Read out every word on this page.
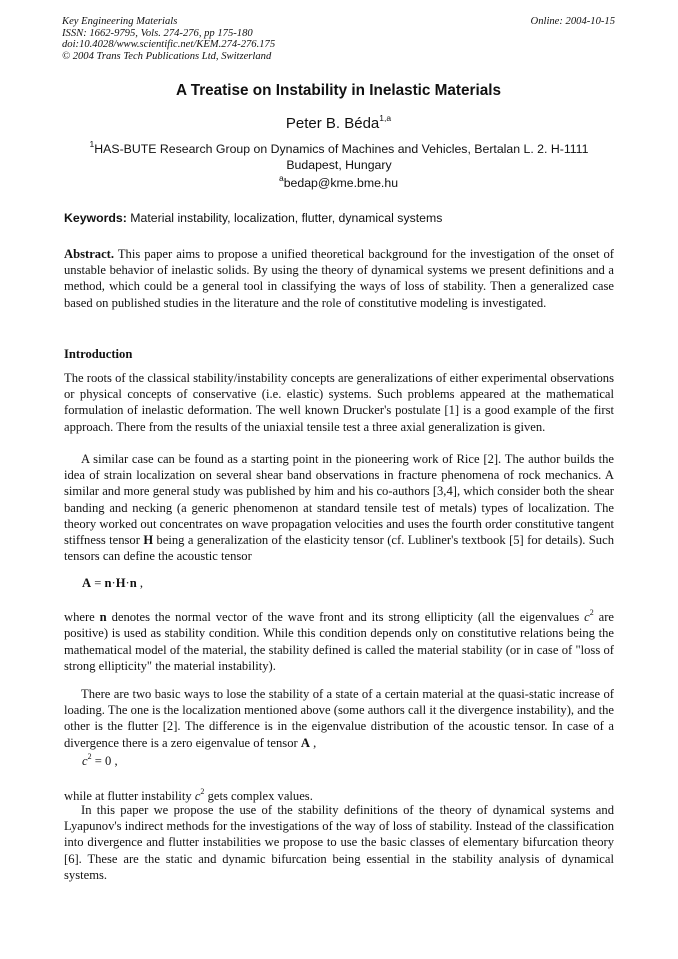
Key Engineering Materials
ISSN: 1662-9795, Vols. 274-276, pp 175-180
doi:10.4028/www.scientific.net/KEM.274-276.175
© 2004 Trans Tech Publications Ltd, Switzerland
Online: 2004-10-15
A Treatise on Instability in Inelastic Materials
Peter B. Béda$^{1,a}$
$^1$HAS-BUTE Research Group on Dynamics of Machines and Vehicles, Bertalan L. 2. H-1111
Budapest, Hungary
$^a$bedap@kme.bme.hu
Keywords: Material instability, localization, flutter, dynamical systems

Abstract. This paper aims to propose a unified theoretical background for the investigation of the onset of unstable behavior of inelastic solids. By using the theory of dynamical systems we present definitions and a method, which could be a general tool in classifying the ways of loss of stability. Then a generalized case based on published studies in the literature and the role of constitutive modeling is investigated.

Introduction

The roots of the classical stability/instability concepts are generalizations of either experimental observations or physical concepts of conservative (i.e. elastic) systems. Such problems appeared at the mathematical formulation of inelastic deformation. The well known Drucker's postulate [1] is a good example of the first approach. There from the results of the uniaxial tensile test a three axial generalization is given.

A similar case can be found as a starting point in the pioneering work of Rice [2]. The author builds the idea of strain localization on several shear band observations in fracture phenomena of rock mechanics. A similar and more general study was published by him and his co-authors [3,4], which consider both the shear banding and necking (a generic phenomenon at standard tensile test of metals) types of localization. The theory worked out concentrates on wave propagation velocities and uses the fourth order constitutive tangent stiffness tensor H being a generalization of the elasticity tensor (cf. Lubliner's textbook [5] for details). Such tensors can define the acoustic tensor

A = n·H·n ,

where n denotes the normal vector of the wave front and its strong ellipticity (all the eigenvalues $c^2$ are positive) is used as stability condition. While this condition depends only on constitutive relations being the mathematical model of the material, the stability defined is called the material stability (or in case of "loss of strong ellipticity" the material instability).

There are two basic ways to lose the stability of a state of a certain material at the quasi-static increase of loading. The one is the localization mentioned above (some authors call it the divergence instability), and the other is the flutter [2]. The difference is in the eigenvalue distribution of the acoustic tensor. In case of a divergence there is a zero eigenvalue of tensor A ,

$c^2 = 0$ ,

while at flutter instability $c^2$ gets complex values.

In this paper we propose the use of the stability definitions of the theory of dynamical systems and Lyapunov's indirect methods for the investigations of the way of loss of stability. Instead of the classification into divergence and flutter instabilities we propose to use the basic classes of elementary bifurcation theory [6]. These are the static and dynamic bifurcation being essential in the stability analysis of dynamical systems.
